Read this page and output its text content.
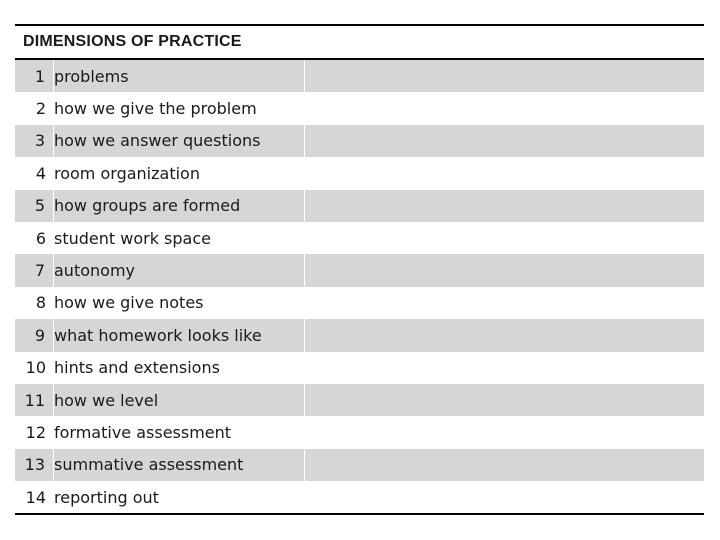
DIMENSIONS OF PRACTICE
1 problems
2 how we give the problem
3 how we answer questions
4 room organization
5 how groups are formed
6 student work space
7 autonomy
8 how we give notes
9 what homework looks like
10 hints and extensions
11 how we level
12 formative assessment
13 summative assessment
14 reporting out
